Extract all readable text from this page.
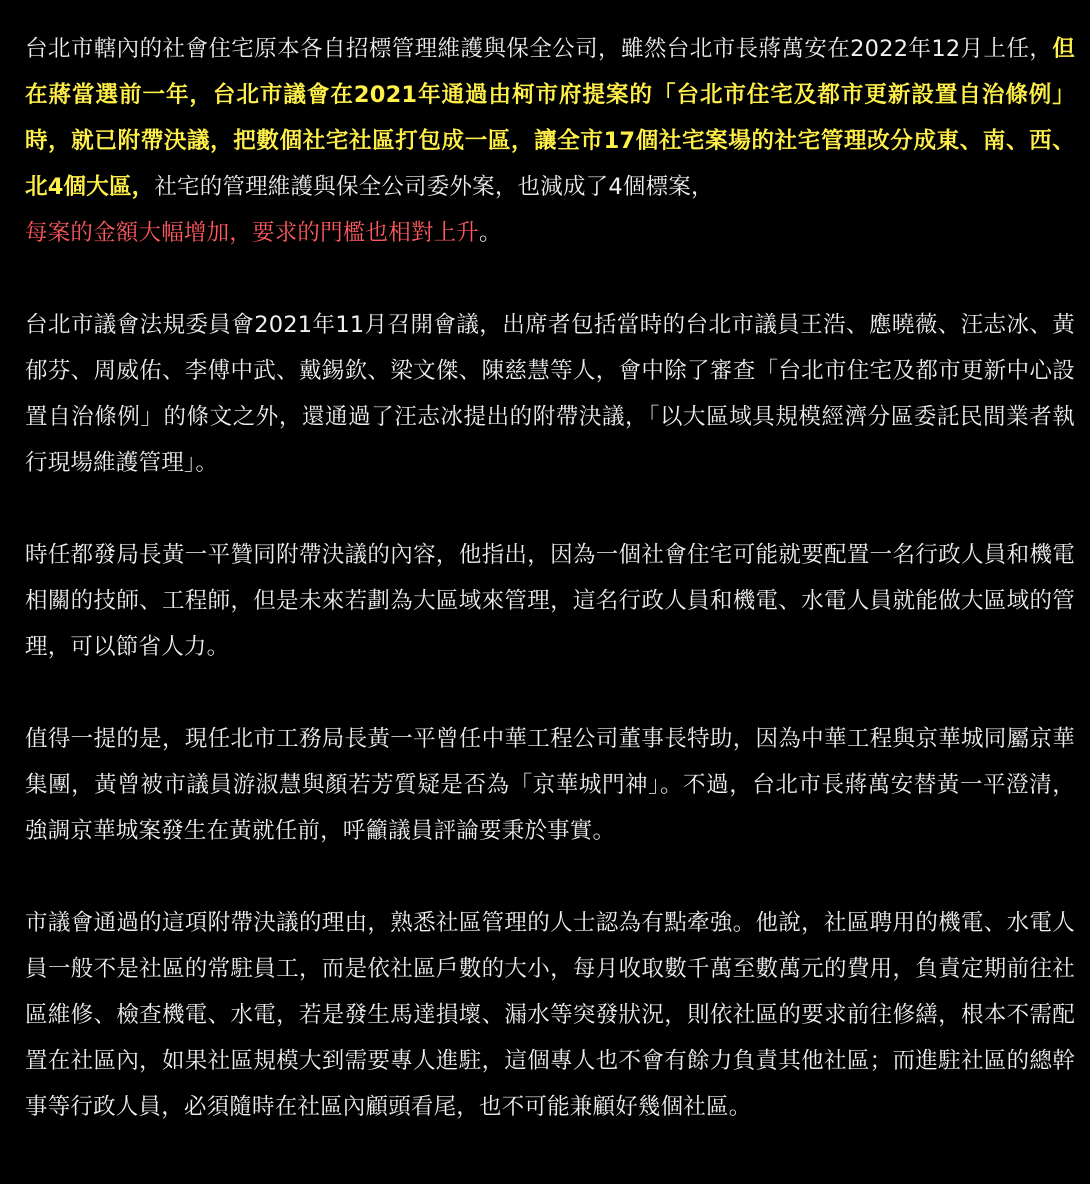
台北市轄內的社會住宅原本各自招標管理維護與保全公司，雖然台北市長蔣萬安在2022年12月上任，但在蔣當選前一年，台北市議會在2021年通過由柯市府提案的「台北市住宅及都市更新設置自治條例」時，就已附帶決議，把數個社宅社區打包成一區，讓全市17個社宅案場的社宅管理改分成東、南、西、北4個大區，社宅的管理維護與保全公司委外案，也減成了4個標案，
每案的金額大幅增加，要求的門檻也相對上升。

台北市議會法規委員會2021年11月召開會議，出席者包括當時的台北市議員王浩、應曉薇、汪志冰、黃郁芬、周威佑、李傅中武、戴錫欽、梁文傑、陳慈慧等人，會中除了審查「台北市住宅及都市更新中心設置自治條例」的條文之外，還通過了汪志冰提出的附帶決議，「以大區域具規模經濟分區委託民間業者執行現場維護管理」。

時任都發局長黃一平贊同附帶決議的內容，他指出，因為一個社會住宅可能就要配置一名行政人員和機電相關的技師、工程師，但是未來若劃為大區域來管理，這名行政人員和機電、水電人員就能做大區域的管理，可以節省人力。

值得一提的是，現任北市工務局長黃一平曾任中華工程公司董事長特助，因為中華工程與京華城同屬京華集團，黃曾被市議員游淑慧與顏若芳質疑是否為「京華城門神」。不過，台北市長蔣萬安替黃一平澄清，強調京華城案發生在黃就任前，呼籲議員評論要秉於事實。

市議會通過的這項附帶決議的理由，熟悉社區管理的人士認為有點牽強。他說，社區聘用的機電、水電人員一般不是社區的常駐員工，而是依社區戶數的大小，每月收取數千萬至數萬元的費用，負責定期前往社區維修、檢查機電、水電，若是發生馬達損壞、漏水等突發狀況，則依社區的要求前往修繕，根本不需配置在社區內，如果社區規模大到需要專人進駐，這個專人也不會有餘力負責其他社區；而進駐社區的總幹事等行政人員，必須隨時在社區內顧頭看尾，也不可能兼顧好幾個社區。
